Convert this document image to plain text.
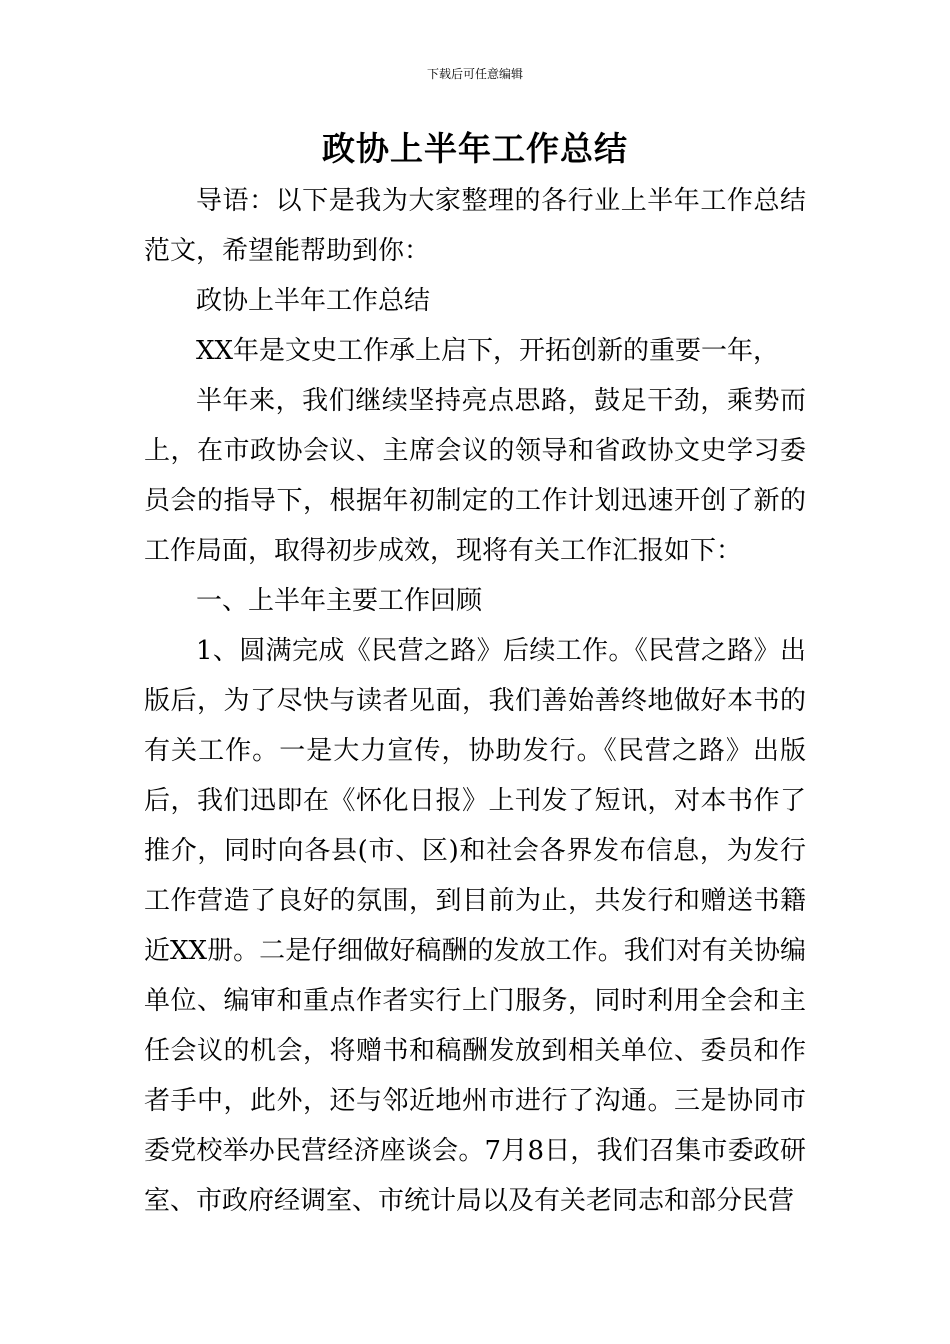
下载后可任意编辑
政协上半年工作总结

导语：以下是我为大家整理的各行业上半年工作总结范文，希望能帮助到你：

政协上半年工作总结

XX年是文史工作承上启下，开拓创新的重要一年，

半年来，我们继续坚持亮点思路，鼓足干劲，乘势而上，在市政协会议、主席会议的领导和省政协文史学习委员会的指导下，根据年初制定的工作计划迅速开创了新的工作局面，取得初步成效，现将有关工作汇报如下：

一、上半年主要工作回顾

1、圆满完成《民营之路》后续工作。《民营之路》出版后，为了尽快与读者见面，我们善始善终地做好本书的有关工作。一是大力宣传，协助发行。《民营之路》出版后，我们迅即在《怀化日报》上刊发了短讯，对本书作了推介，同时向各县(市、区)和社会各界发布信息，为发行工作营造了良好的氛围，到目前为止，共发行和赠送书籍近XX册。二是仔细做好稿酬的发放工作。我们对有关协编单位、编审和重点作者实行上门服务，同时利用全会和主任会议的机会，将赠书和稿酬发放到相关单位、委员和作者手中，此外，还与邻近地州市进行了沟通。三是协同市委党校举办民营经济座谈会。7月8日，我们召集市委政研室、市政府经调室、市统计局以及有关老同志和部分民营
